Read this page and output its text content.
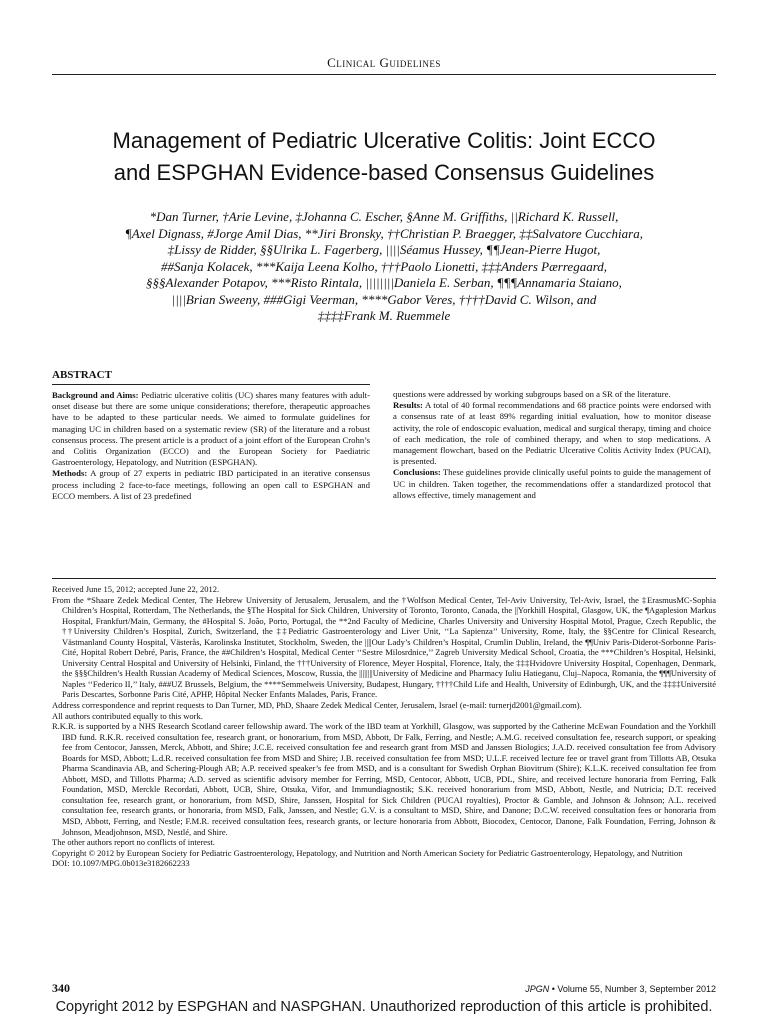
Clinical Guidelines
Management of Pediatric Ulcerative Colitis: Joint ECCO
and ESPGHAN Evidence-based Consensus Guidelines
*Dan Turner, †Arie Levine, ‡Johanna C. Escher, §Anne M. Griffiths, ||Richard K. Russell,
¶Axel Dignass, #Jorge Amil Dias, **Jiri Bronsky, ††Christian P. Braegger, ‡‡Salvatore Cucchiara,
‡Lissy de Ridder, §§Ulrika L. Fagerberg, ||||Séamus Hussey, ¶¶Jean-Pierre Hugot,
##Sanja Kolacek, ***Kaija Leena Kolho, †††Paolo Lionetti, ‡‡‡Anders Pærregaard,
§§§Alexander Potapov, ***Risto Rintala, ||||||||Daniela E. Serban, ¶¶¶Annamaria Staiano,
||||Brian Sweeny, ###Gigi Veerman, ****Gabor Veres, ††††David C. Wilson, and
‡‡‡‡Frank M. Ruemmele
ABSTRACT

Background and Aims: Pediatric ulcerative colitis (UC) shares many features with adult-onset disease but there are some unique considerations; therefore, therapeutic approaches have to be adapted to these particular needs. We aimed to formulate guidelines for managing UC in children based on a systematic review (SR) of the literature and a robust consensus process. The present article is a product of a joint effort of the European Crohn’s and Colitis Organization (ECCO) and the European Society for Paediatric Gastroenterology, Hepatology, and Nutrition (ESPGHAN).

Methods: A group of 27 experts in pediatric IBD participated in an iterative consensus process including 2 face-to-face meetings, following an open call to ESPGHAN and ECCO members. A list of 23 predefined

questions were addressed by working subgroups based on a SR of the literature.

Results: A total of 40 formal recommendations and 68 practice points were endorsed with a consensus rate of at least 89% regarding initial evaluation, how to monitor disease activity, the role of endoscopic evaluation, medical and surgical therapy, timing and choice of each medication, the role of combined therapy, and when to stop medications. A management flowchart, based on the Pediatric Ulcerative Colitis Activity Index (PUCAI), is presented.

Conclusions: These guidelines provide clinically useful points to guide the management of UC in children. Taken together, the recommendations offer a standardized protocol that allows effective, timely management and

Received June 15, 2012; accepted June 22, 2012.

From the *Shaare Zedek Medical Center, The Hebrew University of Jerusalem, Jerusalem, and the †Wolfson Medical Center, Tel-Aviv University, Tel-Aviv, Israel, the ‡ErasmusMC-Sophia Children’s Hospital, Rotterdam, The Netherlands, the §The Hospital for Sick Children, University of Toronto, Toronto, Canada, the ||Yorkhill Hospital, Glasgow, UK, the ¶Agaplesion Markus Hospital, Frankfurt/Main, Germany, the #Hospital S. João, Porto, Portugal, the **2nd Faculty of Medicine, Charles University and University Hospital Motol, Prague, Czech Republic, the ††University Children’s Hospital, Zurich, Switzerland, the ‡‡Pediatric Gastroenterology and Liver Unit, ‘‘La Sapienza’’ University, Rome, Italy, the §§Centre for Clinical Research, Västmanland County Hospital, Västerås, Karolinska Institutet, Stockholm, Sweden, the ||||Our Lady’s Children’s Hospital, Crumlin Dublin, Ireland, the ¶¶Univ Paris-Diderot-Sorbonne Paris-Cité, Hopital Robert Debré, Paris, France, the ##Children’s Hospital, Medical Center ‘‘Sestre Milosrdnice,’’ Zagreb University Medical School, Croatia, the ***Children’s Hospital, Helsinki, University Central Hospital and University of Helsinki, Finland, the †††University of Florence, Meyer Hospital, Florence, Italy, the ‡‡‡Hvidovre University Hospital, Copenhagen, Denmark, the §§§Children’s Health Russian Academy of Medical Sciences, Moscow, Russia, the ||||||||University of Medicine and Pharmacy Iuliu Hatieganu, Cluj–Napoca, Romania, the ¶¶¶University of Naples ‘‘Federico II,’’ Italy, ###UZ Brussels, Belgium, the ****Semmelweis University, Budapest, Hungary, ††††Child Life and Health, University of Edinburgh, UK, and the ‡‡‡‡Université Paris Descartes, Sorbonne Paris Cité, APHP, Hôpital Necker Enfants Malades, Paris, France.

Address correspondence and reprint requests to Dan Turner, MD, PhD, Shaare Zedek Medical Center, Jerusalem, Israel (e-mail: turnerjd2001@gmail.com).

All authors contributed equally to this work.

R.K.R. is supported by a NHS Research Scotland career fellowship award. The work of the IBD team at Yorkhill, Glasgow, was supported by the Catherine McEwan Foundation and the Yorkhill IBD fund. R.K.R. received consultation fee, research grant, or honorarium, from MSD, Abbott, Dr Falk, Ferring, and Nestle; A.M.G. received consultation fee, research support, or speaking fee from Centocor, Janssen, Merck, Abbott, and Shire; J.C.E. received consultation fee and research grant from MSD and Janssen Biologics; J.A.D. received consultation fee from Advisory Boards for MSD, Abbott; L.d.R. received consultation fee from MSD and Shire; J.B. received consultation fee from MSD; U.L.F. received lecture fee or travel grant from Tillotts AB, Otsuka Pharma Scandinavia AB, and Schering-Plough AB; A.P. received speaker’s fee from MSD, and is a consultant for Swedish Orphan Biovitrum (Shire); K.L.K. received consultation fee from Abbott, MSD, and Tillotts Pharma; A.D. served as scientific advisory member for Ferring, MSD, Centocor, Abbott, UCB, PDL, Shire, and received lecture honoraria from Ferring, Falk Foundation, MSD, Merckle Recordati, Abbott, UCB, Shire, Otsuka, Vifor, and Immundiagnostik; S.K. received honorarium from MSD, Abbott, Nestle, and Nutricia; D.T. received consultation fee, research grant, or honorarium, from MSD, Shire, Janssen, Hospital for Sick Children (PUCAI royalties), Proctor & Gamble, and Johnson & Johnson; A.L. received consultation fee, research grants, or honoraria, from MSD, Falk, Janssen, and Nestle; G.V. is a consultant to MSD, Shire, and Danone; D.C.W. received consultation fees or honoraria from MSD, Abbott, Ferring, and Nestle; F.M.R. received consultation fees, research grants, or lecture honoraria from Abbott, Biocodex, Centocor, Danone, Falk Foundation, Ferring, Johnson & Johnson, Meadjohnson, MSD, Nestlé, and Shire.

The other authors report no conflicts of interest.

Copyright © 2012 by European Society for Pediatric Gastroenterology, Hepatology, and Nutrition and North American Society for Pediatric Gastroenterology, Hepatology, and Nutrition

DOI: 10.1097/MPG.0b013e3182662233

340	JPGN • Volume 55, Number 3, September 2012
Copyright 2012 by ESPGHAN and NASPGHAN. Unauthorized reproduction of this article is prohibited.
